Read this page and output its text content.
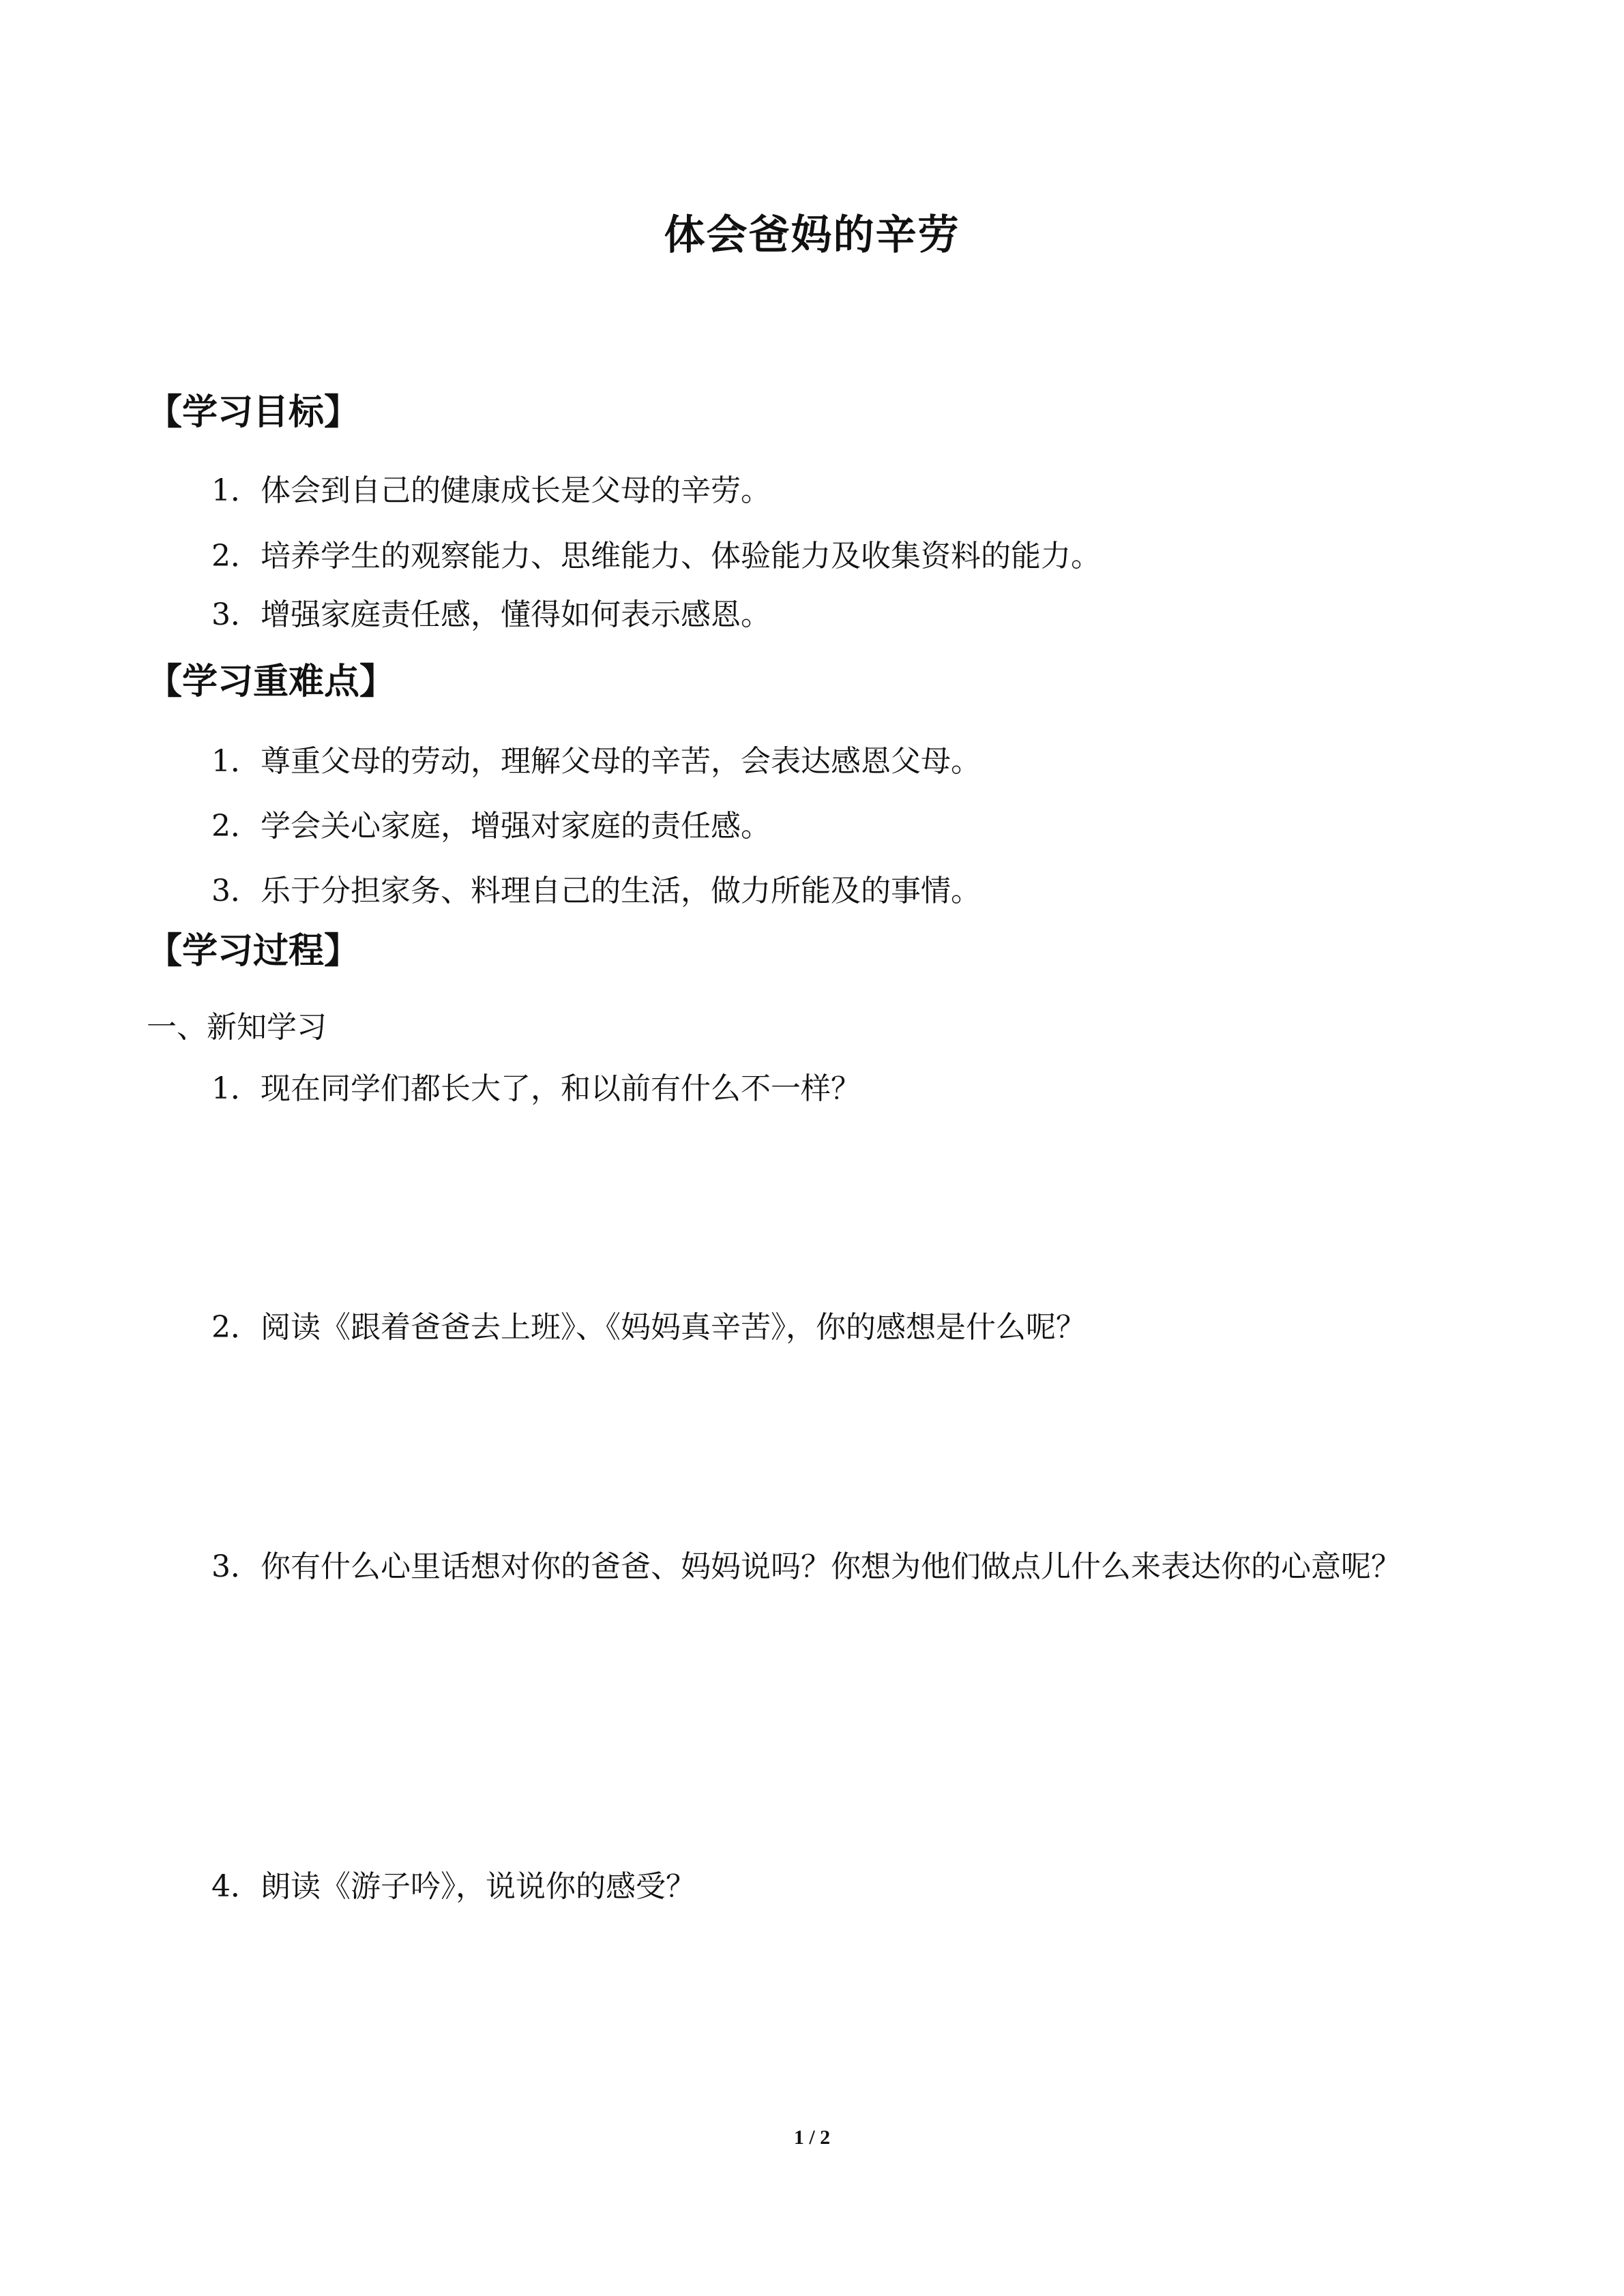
体会爸妈的辛劳
【学习目标】
1．体会到自己的健康成长是父母的辛劳。
2．培养学生的观察能力、思维能力、体验能力及收集资料的能力。
3．增强家庭责任感，懂得如何表示感恩。
【学习重难点】
1．尊重父母的劳动，理解父母的辛苦，会表达感恩父母。
2．学会关心家庭，增强对家庭的责任感。
3．乐于分担家务、料理自己的生活，做力所能及的事情。
【学习过程】
一、新知学习
1．现在同学们都长大了，和以前有什么不一样？
2．阅读《跟着爸爸去上班》、《妈妈真辛苦》，你的感想是什么呢？
3．你有什么心里话想对你的爸爸、妈妈说吗？你想为他们做点儿什么来表达你的心意呢？
4．朗读《游子吟》，说说你的感受？
1 / 2
